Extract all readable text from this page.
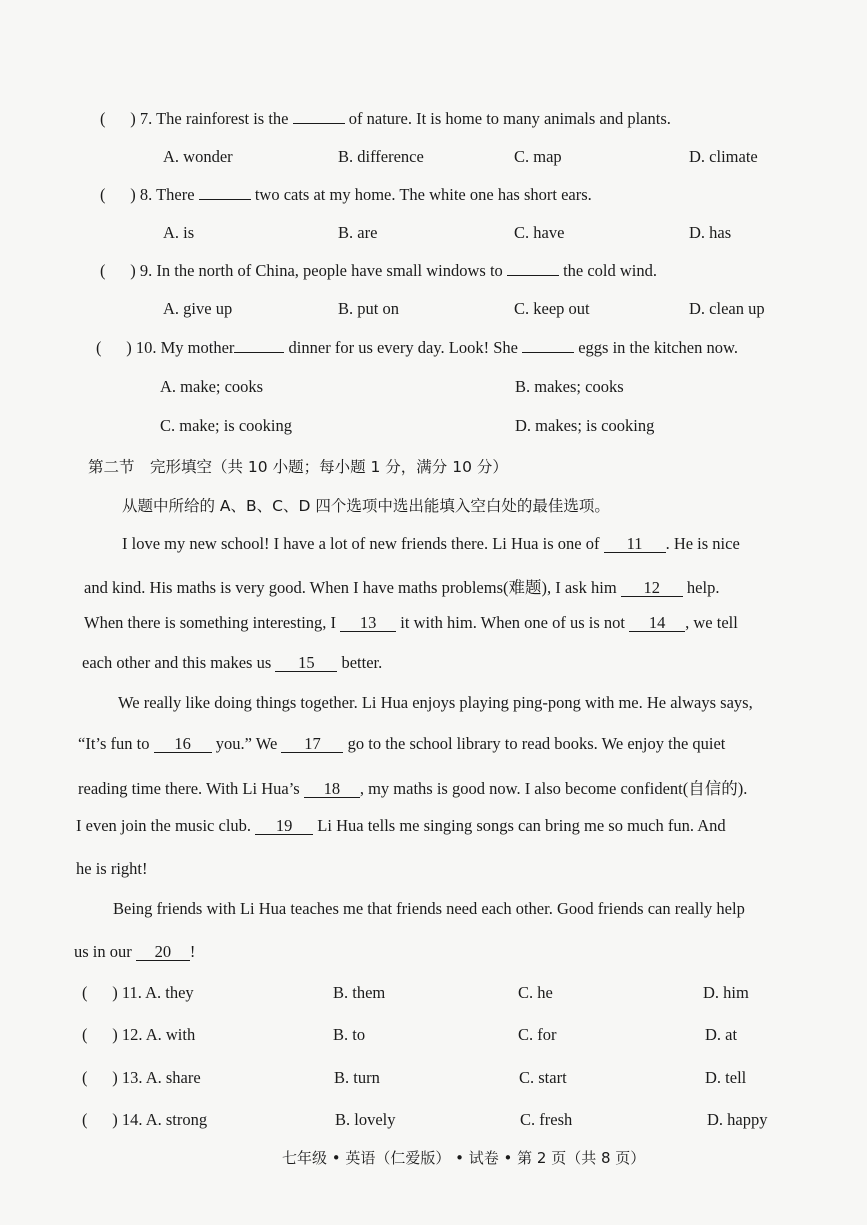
(      ) 7. The rainforest is the	of nature. It is home to many animals and plants.
A. wonder	B. difference	C. map	D. climate
(      ) 8. There	two cats at my home. The white one has short ears.
A. is	B. are	C. have	D. has
(      ) 9. In the north of China, people have small windows to	the cold wind.
A. give up	B. put on	C. keep out	D. clean up
(      ) 10. My mother	dinner for us every day. Look! She	eggs in the kitchen now.
A. make; cooks	B. makes; cooks
C. make; is cooking	D. makes; is cooking
第二节　完形填空（共 10 小题；每小题 1 分，满分 10 分）
从题中所给的 A、B、C、D 四个选项中选出能填入空白处的最佳选项。
I love my new school! I have a lot of new friends there. Li Hua is one of 11 . He is nice
and kind. His maths is very good. When I have maths problems(难题), I ask him 12 help.
When there is something interesting, I 13 it with him. When one of us is not 14 , we tell
each other and this makes us 15 better.
We really like doing things together. Li Hua enjoys playing ping-pong with me. He always says,
“It’s fun to 16 you.” We 17 go to the school library to read books. We enjoy the quiet
reading time there. With Li Hua’s 18 , my maths is good now. I also become confident(自信的).
I even join the music club. 19 Li Hua tells me singing songs can bring me so much fun. And
he is right!
Being friends with Li Hua teaches me that friends need each other. Good friends can really help
us in our 20 !
(      ) 11. A. they	B. them	C. he	D. him
(      ) 12. A. with	B. to	C. for	D. at
(      ) 13. A. share	B. turn	C. start	D. tell
(      ) 14. A. strong	B. lovely	C. fresh	D. happy
七年级 • 英语（仁爱版） • 试卷 • 第 2 页（共 8 页）
